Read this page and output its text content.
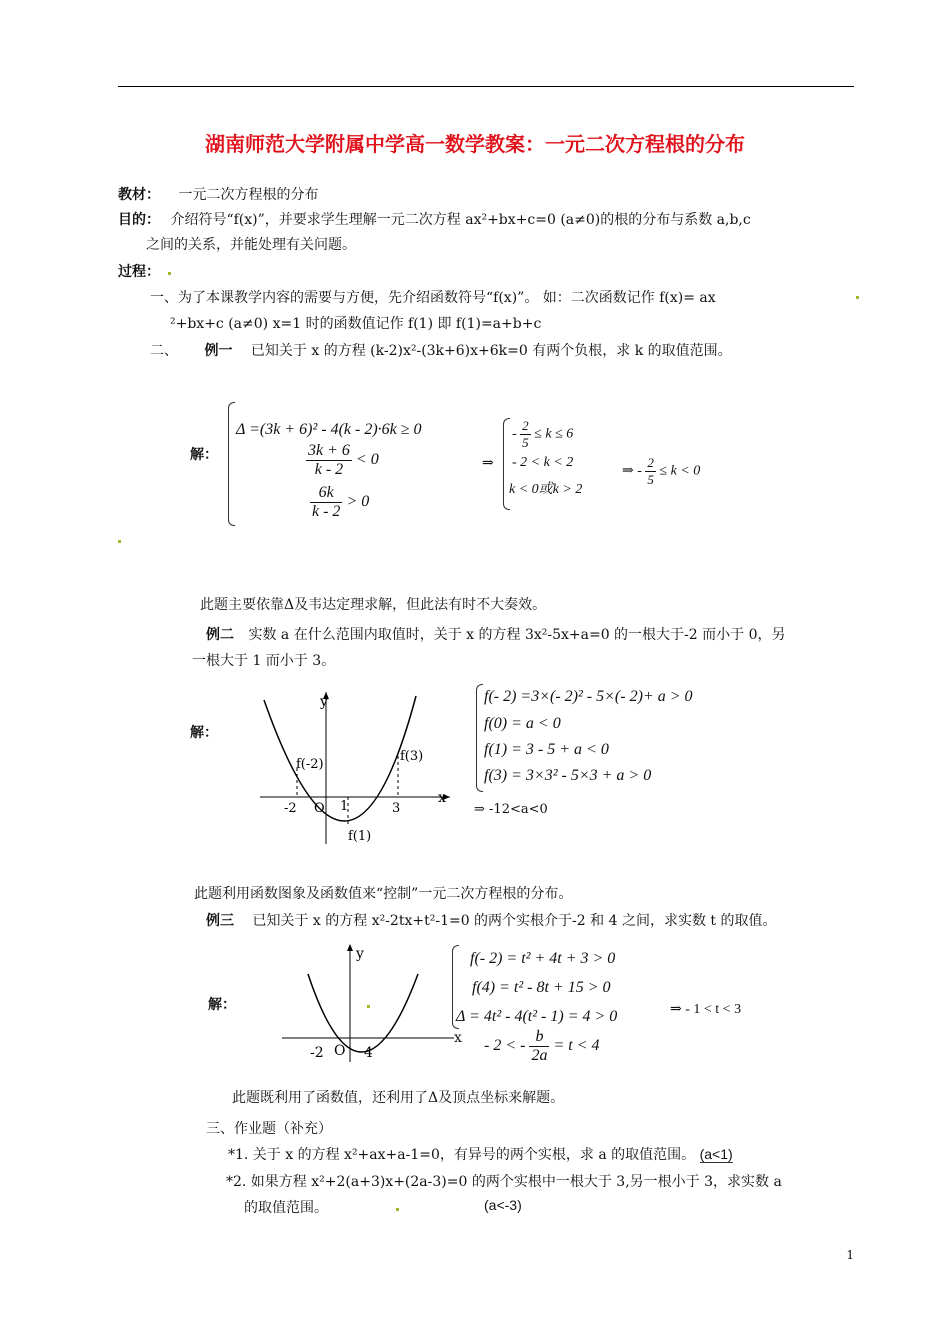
湖南师范大学附属中学高一数学教案：一元二次方程根的分布
教材： 一元二次方程根的分布
目的： 介绍符号“f(x)”，并要求学生理解一元二次方程 ax²+bx+c=0 (a≠0)的根的分布与系数 a,b,c
之间的关系，并能处理有关问题。
过程：
一、为了本课教学内容的需要与方便，先介绍函数符号“f(x)”。 如：二次函数记作 f(x)= ax
²+bx+c (a≠0) x=1 时的函数值记作 f(1) 即 f(1)=a+b+c
二、 例一 已知关于 x 的方程 (k-2)x²-(3k+6)x+6k=0 有两个负根，求 k 的取值范围。
解：
Δ =(3k + 6)² - 4(k - 2)·6k ≥ 0
$\frac{3k + 6}{k - 2} < 0$
$\frac{6k}{k - 2} > 0$
⇒
- $\frac{2}{5} \le k \le 6$
- 2 < k < 2
k < 0或k > 2
⇒ - $\frac{2}{5} \le k < 0$
此题主要依靠Δ及韦达定理求解，但此法有时不大奏效。
例二 实数 a 在什么范围内取值时，关于 x 的方程 3x²-5x+a=0 的一根大于-2 而小于 0，另
一根大于 1 而小于 3。
解：
y
x
O
-2	1	3
f(-2)
f(3)
f(1)
f(- 2) =3×(- 2)² - 5×(- 2)+ a > 0
f(0) = a < 0
f(1) = 3 - 5 + a < 0
f(3) = 3×3² - 5×3 + a > 0
⇒ -12<a<0
此题利用函数图象及函数值来“控制”一元二次方程根的分布。
例三 已知关于 x 的方程 x²-2tx+t²-1=0 的两个实根介于-2 和 4 之间，求实数 t 的取值。
解：
y
-2 O 4
x
f(- 2) = t² + 4t + 3 > 0
f(4) = t² - 8t + 15 > 0
Δ = 4t² - 4(t² - 1) = 4 > 0
- 2 < - $\frac{b}{2a} = t < 4$
⇒ - 1 < t < 3
此题既利用了函数值，还利用了Δ及顶点坐标来解题。
三、作业题（补充）
*1. 关于 x 的方程 x²+ax+a-1=0，有异号的两个实根，求 a 的取值范围。 (a<1)
*2. 如果方程 x²+2(a+3)x+(2a-3)=0 的两个实根中一根大于 3,另一根小于 3，求实数 a
的取值范围。	(a<-3)
1
